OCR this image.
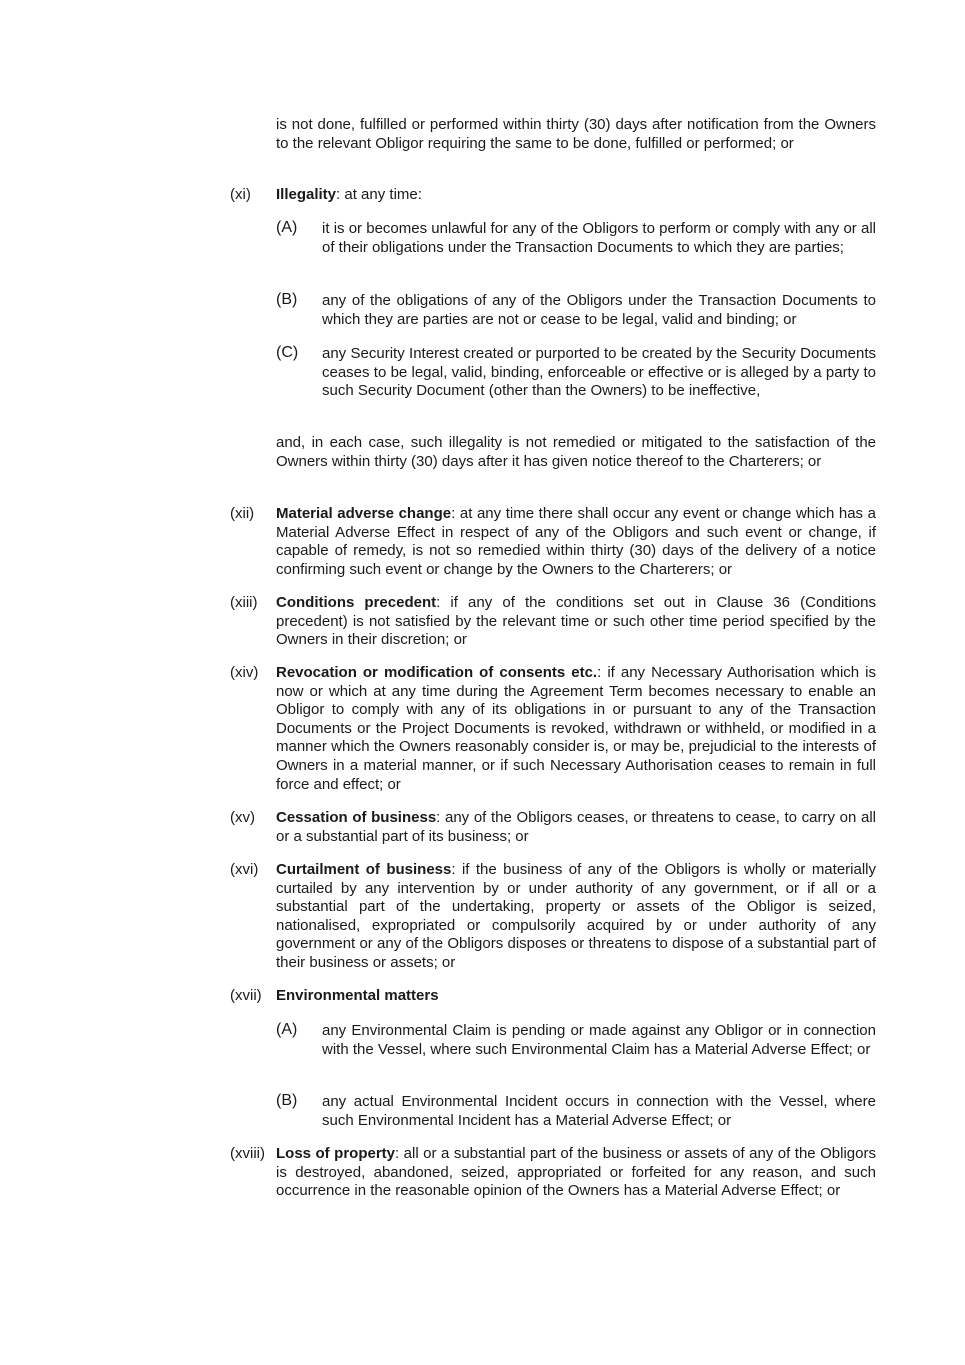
is not done, fulfilled or performed within thirty (30) days after notification from the Owners to the relevant Obligor requiring the same to be done, fulfilled or performed; or
(xi) Illegality: at any time:
(A) it is or becomes unlawful for any of the Obligors to perform or comply with any or all of their obligations under the Transaction Documents to which they are parties;
(B) any of the obligations of any of the Obligors under the Transaction Documents to which they are parties are not or cease to be legal, valid and binding; or
(C) any Security Interest created or purported to be created by the Security Documents ceases to be legal, valid, binding, enforceable or effective or is alleged by a party to such Security Document (other than the Owners) to be ineffective,
and, in each case, such illegality is not remedied or mitigated to the satisfaction of the Owners within thirty (30) days after it has given notice thereof to the Charterers; or
(xii) Material adverse change: at any time there shall occur any event or change which has a Material Adverse Effect in respect of any of the Obligors and such event or change, if capable of remedy, is not so remedied within thirty (30) days of the delivery of a notice confirming such event or change by the Owners to the Charterers; or
(xiii) Conditions precedent: if any of the conditions set out in Clause 36 (Conditions precedent) is not satisfied by the relevant time or such other time period specified by the Owners in their discretion; or
(xiv) Revocation or modification of consents etc.: if any Necessary Authorisation which is now or which at any time during the Agreement Term becomes necessary to enable an Obligor to comply with any of its obligations in or pursuant to any of the Transaction Documents or the Project Documents is revoked, withdrawn or withheld, or modified in a manner which the Owners reasonably consider is, or may be, prejudicial to the interests of Owners in a material manner, or if such Necessary Authorisation ceases to remain in full force and effect; or
(xv) Cessation of business: any of the Obligors ceases, or threatens to cease, to carry on all or a substantial part of its business; or
(xvi) Curtailment of business: if the business of any of the Obligors is wholly or materially curtailed by any intervention by or under authority of any government, or if all or a substantial part of the undertaking, property or assets of the Obligor is seized, nationalised, expropriated or compulsorily acquired by or under authority of any government or any of the Obligors disposes or threatens to dispose of a substantial part of their business or assets; or
(xvii) Environmental matters
(A) any Environmental Claim is pending or made against any Obligor or in connection with the Vessel, where such Environmental Claim has a Material Adverse Effect; or
(B) any actual Environmental Incident occurs in connection with the Vessel, where such Environmental Incident has a Material Adverse Effect; or
(xviii) Loss of property: all or a substantial part of the business or assets of any of the Obligors is destroyed, abandoned, seized, appropriated or forfeited for any reason, and such occurrence in the reasonable opinion of the Owners has a Material Adverse Effect; or
